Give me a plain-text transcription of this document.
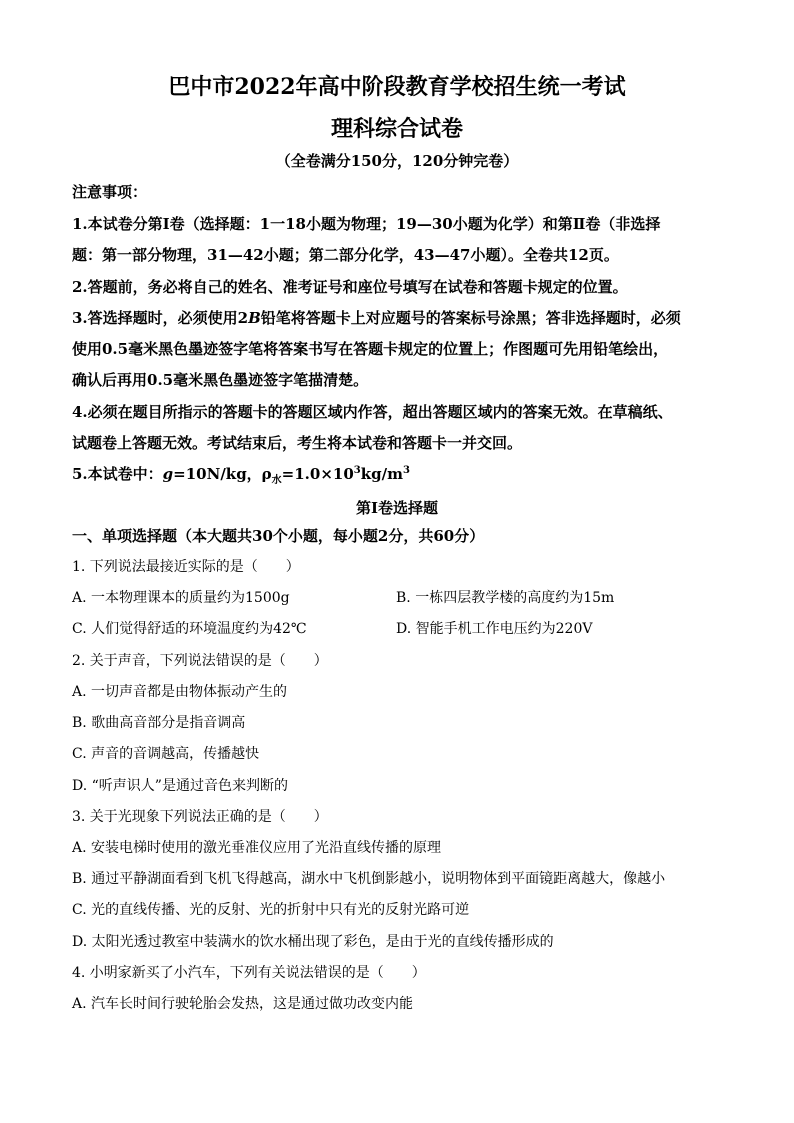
巴中市2022年高中阶段教育学校招生统一考试
理科综合试卷
（全卷满分150分，120分钟完卷）
注意事项：
1.本试卷分第Ⅰ卷（选择题：1一18小题为物理；19—30小题为化学）和第Ⅱ卷（非选择
题：第一部分物理，31—42小题；第二部分化学，43—47小题）。全卷共12页。
2.答题前，务必将自己的姓名、准考证号和座位号填写在试卷和答题卡规定的位置。
3.答选择题时，必须使用2B铅笔将答题卡上对应题号的答案标号涂黑；答非选择题时，必须
使用0.5毫米黑色墨迹签字笔将答案书写在答题卡规定的位置上；作图题可先用铅笔绘出，
确认后再用0.5毫米黑色墨迹签字笔描清楚。
4.必须在题目所指示的答题卡的答题区域内作答，超出答题区域内的答案无效。在草稿纸、
试题卷上答题无效。考试结束后，考生将本试卷和答题卡一并交回。
5.本试卷中：g=10N/kg，$\rho_水=1.0\times 10^3kg/m^3$
第Ⅰ卷选择题
一、单项选择题（本大题共30个小题，每小题2分，共60分）
1. 下列说法最接近实际的是（　　）
A. 一本物理课本的质量约为1500g	B. 一栋四层教学楼的高度约为15m
C. 人们觉得舒适的环境温度约为42℃	D. 智能手机工作电压约为220V
2. 关于声音，下列说法错误的是（　　）
A. 一切声音都是由物体振动产生的
B. 歌曲高音部分是指音调高
C. 声音的音调越高，传播越快
D. “听声识人”是通过音色来判断的
3. 关于光现象下列说法正确的是（　　）
A. 安装电梯时使用的激光垂准仪应用了光沿直线传播的原理
B. 通过平静湖面看到飞机飞得越高，湖水中飞机倒影越小，说明物体到平面镜距离越大，像越小
C. 光的直线传播、光的反射、光的折射中只有光的反射光路可逆
D. 太阳光透过教室中装满水的饮水桶出现了彩色，是由于光的直线传播形成的
4. 小明家新买了小汽车，下列有关说法错误的是（　　）
A. 汽车长时间行驶轮胎会发热，这是通过做功改变内能
